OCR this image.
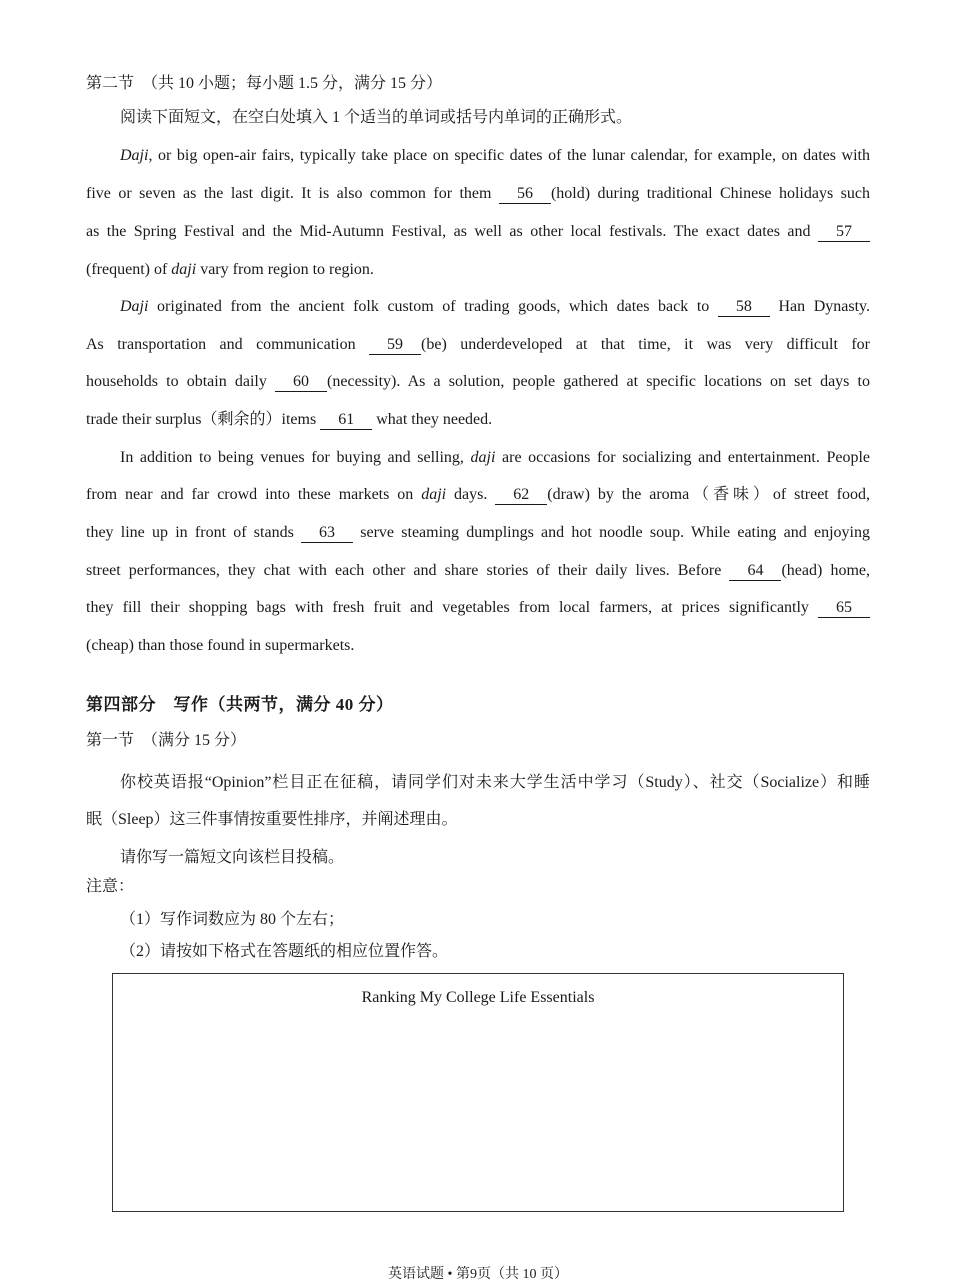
第二节　（共 10 小题；每小题 1.5 分，满分 15 分）
阅读下面短文，在空白处填入 1 个适当的单词或括号内单词的正确形式。
Daji, or big open-air fairs, typically take place on specific dates of the lunar calendar, for example, on dates with
five or seven as the last digit. It is also common for them 56 (hold) during traditional Chinese holidays such
as the Spring Festival and the Mid-Autumn Festival, as well as other local festivals. The exact dates and 57
(frequent) of daji vary from region to region.
Daji originated from the ancient folk custom of trading goods, which dates back to 58 Han Dynasty.
As transportation and communication 59 (be) underdeveloped at that time, it was very difficult for
households to obtain daily 60 (necessity). As a solution, people gathered at specific locations on set days to
trade their surplus（剩余的）items 61 what they needed.
In addition to being venues for buying and selling, daji are occasions for socializing and entertainment. People
from near and far crowd into these markets on daji days. 62 (draw) by the aroma（香味）of street food,
they line up in front of stands 63 serve steaming dumplings and hot noodle soup. While eating and enjoying
street performances, they chat with each other and share stories of their daily lives. Before 64 (head) home,
they fill their shopping bags with fresh fruit and vegetables from local farmers, at prices significantly 65
(cheap) than those found in supermarkets.
第四部分　写作（共两节，满分 40 分）
第一节　（满分 15 分）
你校英语报“Opinion”栏目正在征稿，请同学们对未来大学生活中学习（Study）、社交（Socialize）和睡
眠（Sleep）这三件事情按重要性排序，并阐述理由。
请你写一篇短文向该栏目投稿。
注意：
（1）写作词数应为 80 个左右；
（2）请按如下格式在答题纸的相应位置作答。
Ranking My College Life Essentials
英语试题 • 第9页（共 10 页）
